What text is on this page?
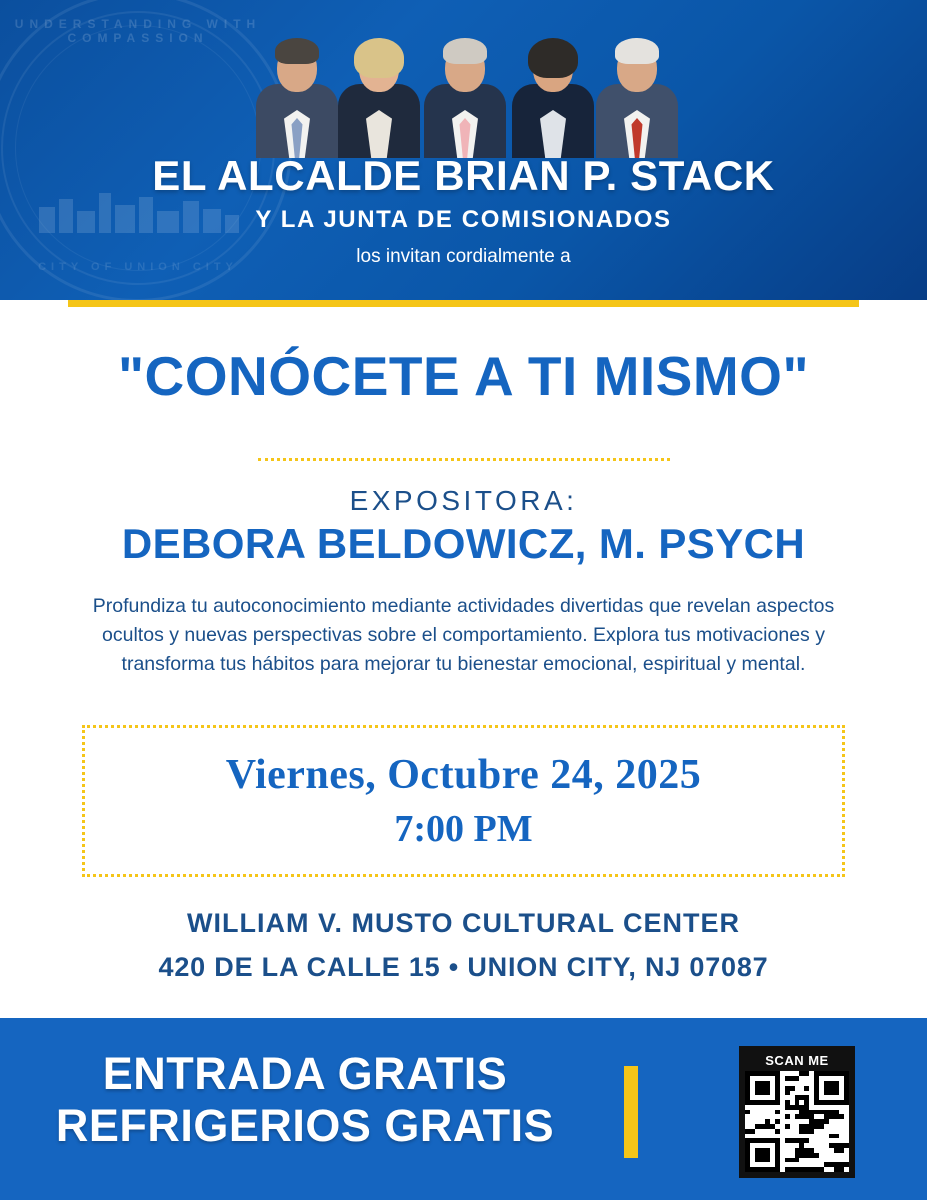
UNDERSTANDING WITH COMPASSION
CITY OF UNION CITY
EL ALCALDE BRIAN P. STACK
Y LA JUNTA DE COMISIONADOS
los invitan cordialmente a
"CONÓCETE A TI MISMO"
EXPOSITORA:
DEBORA BELDOWICZ, M. PSYCH
Profundiza tu autoconocimiento mediante actividades divertidas que revelan aspectos ocultos y nuevas perspectivas sobre el comportamiento. Explora tus motivaciones y transforma tus hábitos para mejorar tu bienestar emocional, espiritual y mental.
Viernes, Octubre 24, 2025
7:00 PM
WILLIAM V. MUSTO CULTURAL CENTER
420 DE LA CALLE 15 • UNION CITY, NJ 07087
ENTRADA GRATIS
REFRIGERIOS GRATIS
SCAN ME
